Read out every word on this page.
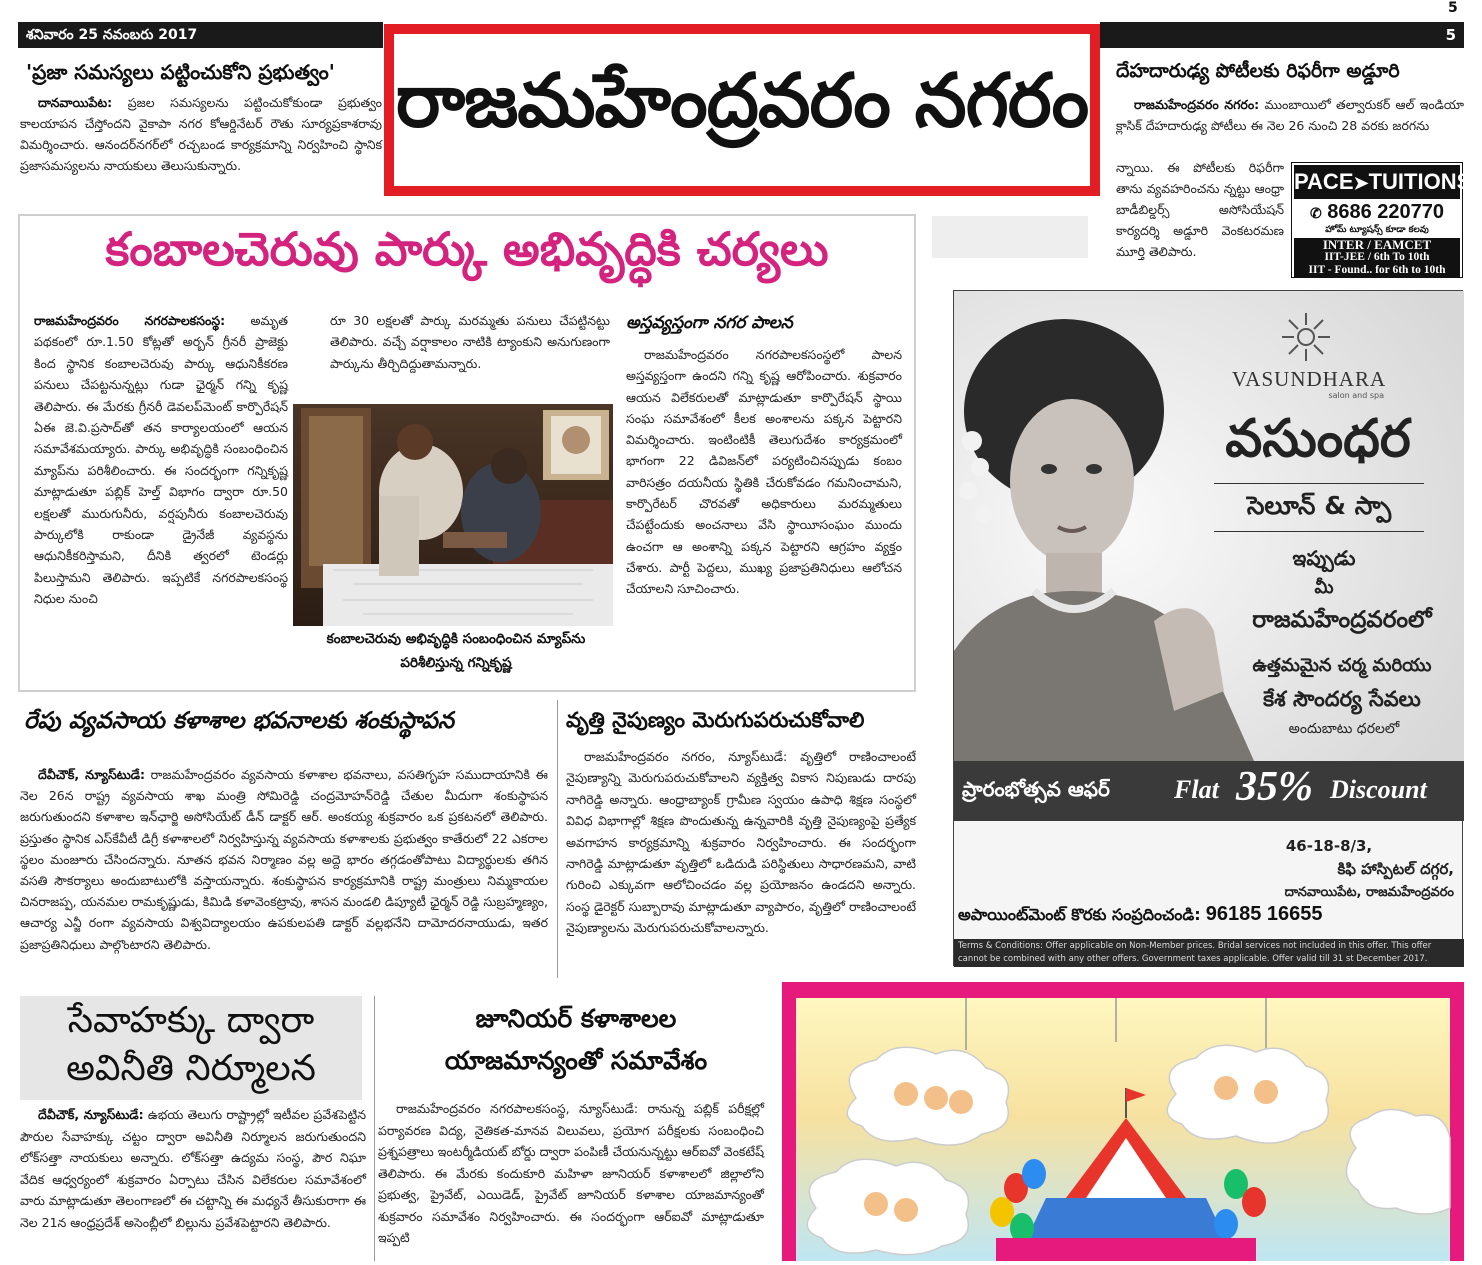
శనివారం 25 నవంబరు 2017	5
5
రాజమహేంద్రవరం నగరం
'ప్రజా సమస్యలు పట్టించుకోని ప్రభుత్వం'
దానవాయిపేట: ప్రజల సమస్యలను పట్టించుకోకుండా ప్రభుత్వం కాలయాపన చేస్తోందని వైకాపా నగర కోఆర్డినేటర్ రౌతు సూర్యప్రకాశరావు విమర్శించారు. ఆనందర్‌నగర్‌లో రచ్చబండ కార్యక్రమాన్ని నిర్వహించి స్థానిక ప్రజాసమస్యలను నాయకులు తెలుసుకున్నారు.
దేహదారుఢ్య పోటీలకు రిఫరీగా అడ్డూరి
రాజమహేంద్రవరం నగరం: ముంబాయిలో తల్వారుకర్ ఆల్ ఇండియా క్లాసిక్ దేహదారుఢ్య పోటీలు ఈ నెల 26 నుంచి 28 వరకు జరగను
న్నాయి. ఈ పోటీలకు రిఫరీగా తాను వ్యవహరించను న్నట్టు ఆంధ్రా బాడీబిల్డర్స్ అసోసియేషన్ కార్యదర్శి అడ్డూరి వెంకటరమణ మూర్తి తెలిపారు.
PACE➤TUITIONS
✆ 8686 220770
హోమ్ ట్యూషన్స్ కూడా కలవు
INTER / EAMCET
IIT-JEE / 6th To 10th
IIT - Found.. for 6th to 10th
కంబాలచెరువు పార్కు అభివృద్ధికి చర్యలు
రాజమహేంద్రవరం నగరపాలకసంస్థ: అమృత పథకంలో రూ.1.50 కోట్లతో అర్బన్ గ్రీనరీ ప్రాజెక్టు కింద స్థానిక కంబాలచెరువు పార్కు ఆధునికీకరణ పనులు చేపట్టనున్నట్లు గుడా ఛైర్మన్ గన్ని కృష్ణ తెలిపారు. ఈ మేరకు గ్రీనరీ డెవలప్‌మెంట్ కార్పొరేషన్ ఏఈ జె.వి.ప్రసాద్‌తో తన కార్యాలయంలో ఆయన సమావేశమయ్యారు. పార్కు అభివృద్ధికి సంబంధించిన మ్యాప్‌ను పరిశీలించారు. ఈ సందర్భంగా గన్నికృష్ణ మాట్లాడుతూ పబ్లిక్ హెల్త్ విభాగం ద్వారా రూ.50 లక్షలతో మురుగునీరు, వర్షపునీరు కంబాలచెరువు పార్కులోకి రాకుండా డ్రైనేజీ వ్యవస్థను ఆధునికీకరిస్తామని, దీనికి త్వరలో టెండర్లు పిలుస్తామని తెలిపారు. ఇప్పటికే నగరపాలకసంస్థ నిధుల నుంచి
రూ 30 లక్షలతో పార్కు మరమ్మతు పనులు చేపట్టినట్టు తెలిపారు. వచ్చే వర్షాకాలం నాటికి ట్యాంకుని అనుగుణంగా పార్కును తీర్చిదిద్దుతామన్నారు.
కంబాలచెరువు అభివృద్ధికి సంబంధించిన మ్యాప్‌ను
పరిశీలిస్తున్న గన్నికృష్ణ
అస్తవ్యస్తంగా నగర పాలన
రాజమహేంద్రవరం నగరపాలకసంస్థలో పాలన అస్తవ్యస్తంగా ఉందని గన్ని కృష్ణ ఆరోపించారు. శుక్రవారం ఆయన విలేకరులతో మాట్లాడుతూ కార్పొరేషన్ స్థాయి సంఘ సమావేశంలో కీలక అంశాలను పక్కన పెట్టారని విమర్శించారు. ఇంటింటికీ తెలుగుదేశం కార్యక్రమంలో భాగంగా 22 డివిజన్‌లో పర్యటించినప్పుడు కంబం వారిసత్రం దయనీయ స్థితికి చేరుకోవడం గమనించామని, కార్పొరేటర్ చొరవతో అధికారులు మరమ్మతులు చేపట్టేందుకు అంచనాలు వేసి స్థాయీసంఘం ముందు ఉంచగా ఆ అంశాన్ని పక్కన పెట్టారని ఆగ్రహం వ్యక్తం చేశారు. పార్టీ పెద్దలు, ముఖ్య ప్రజాప్రతినిధులు ఆలోచన చేయాలని సూచించారు.
రేపు వ్యవసాయ కళాశాల భవనాలకు శంకుస్థాపన
దేవీచౌక్, న్యూస్‌టుడే: రాజమహేంద్రవరం వ్యవసాయ కళాశాల భవనాలు, వసతిగృహ సముదాయానికి ఈ నెల 26న రాష్ట్ర వ్యవసాయ శాఖ మంత్రి సోమిరెడ్డి చంద్రమోహన్‌రెడ్డి చేతుల మీదుగా శంకుస్థాపన జరుగుతుందని కళాశాల ఇన్‌ఛార్జి అసోసియేట్ డీన్ డాక్టర్ ఆర్. అంకయ్య శుక్రవారం ఒక ప్రకటనలో తెలిపారు. ప్రస్తుతం స్థానిక ఎస్‌కేవీటీ డిగ్రీ కళాశాలలో నిర్వహిస్తున్న వ్యవసాయ కళాశాలకు ప్రభుత్వం కాతేరులో 22 ఎకరాల స్థలం మంజూరు చేసిందన్నారు. నూతన భవన నిర్మాణం వల్ల అద్దె భారం తగ్గడంతోపాటు విద్యార్థులకు తగిన వసతి సౌకర్యాలు అందుబాటులోకి వస్తాయన్నారు. శంకుస్థాపన కార్యక్రమానికి రాష్ట్ర మంత్రులు నిమ్మకాయల చినరాజప్ప, యనమల రామకృష్ణుడు, కిమిడి కళావెంకట్రావు, శాసన మండలి డిప్యూటీ ఛైర్మన్ రెడ్డి సుబ్రహ్మణ్యం, ఆచార్య ఎన్జీ రంగా వ్యవసాయ విశ్వవిద్యాలయం ఉపకులపతి డాక్టర్ వల్లభనేని దామోదరనాయుడు, ఇతర ప్రజాప్రతినిధులు పాల్గొంటారని తెలిపారు.
వృత్తి నైపుణ్యం మెరుగుపరుచుకోవాలి
రాజమహేంద్రవరం నగరం, న్యూస్‌టుడే: వృత్తిలో రాణించాలంటే నైపుణ్యాన్ని మెరుగుపరుచుకోవాలని వ్యక్తిత్వ వికాస నిపుణుడు దారపు నాగిరెడ్డి అన్నారు. ఆంధ్రాబ్యాంక్ గ్రామీణ స్వయం ఉపాధి శిక్షణ సంస్థలో వివిధ విభాగాల్లో శిక్షణ పొందుతున్న ఉన్నవారికి వృత్తి నైపుణ్యంపై ప్రత్యేక అవగాహన కార్యక్రమాన్ని శుక్రవారం నిర్వహించారు. ఈ సందర్భంగా నాగిరెడ్డి మాట్లాడుతూ వృత్తిలో ఒడిదుడి పరిస్థితులు సాధారణమని, వాటి గురించి ఎక్కువగా ఆలోచించడం వల్ల ప్రయోజనం ఉండదని అన్నారు. సంస్థ డైరెక్టర్ సుబ్బారావు మాట్లాడుతూ వ్యాపారం, వృత్తిలో రాణించాలంటే నైపుణ్యాలను మెరుగుపరుచుకోవాలన్నారు.
VASUNDHARA
salon and spa
వసుంధర
సెలూన్ & స్పా
ఇప్పుడు
మీ
రాజమహేంద్రవరంలో
ఉత్తమమైన చర్మ మరియు
కేశ సౌందర్య సేవలు
అందుబాటు ధరలలో
ప్రారంభోత్సవ ఆఫర్ Flat 35% Discount
46-18-8/3,
కిఫి హాస్పిటల్ దగ్గర,
దానవాయిపేట, రాజమహేంద్రవరం
అపాయింట్‌మెంట్ కొరకు సంప్రదించండి: 96185 16655
Terms & Conditions: Offer applicable on Non-Member prices. Bridal services not included in this offer. This offer cannot be combined with any other offers. Government taxes applicable. Offer valid till 31 st December 2017.
సేవాహక్కు ద్వారా
అవినీతి నిర్మూలన
దేవీచౌక్, న్యూస్‌టుడే: ఉభయ తెలుగు రాష్ట్రాల్లో ఇటీవల ప్రవేశపెట్టిన పౌరుల సేవాహక్కు చట్టం ద్వారా అవినీతి నిర్మూలన జరుగుతుందని లోక్‌సత్తా నాయకులు అన్నారు. లోక్‌సత్తా ఉద్యమ సంస్థ, పౌర నిఘా వేదిక ఆధ్వర్యంలో శుక్రవారం ఏర్పాటు చేసిన విలేకరుల సమావేశంలో వారు మాట్లాడుతూ తెలంగాణలో ఈ చట్టాన్ని ఈ మధ్యనే తీసుకురాగా ఈ నెల 21న ఆంధ్రప్రదేశ్ అసెంబ్లీలో బిల్లును ప్రవేశపెట్టారని తెలిపారు.
జూనియర్ కళాశాలల
యాజమాన్యంతో సమావేశం
రాజమహేంద్రవరం నగరపాలకసంస్థ, న్యూస్‌టుడే: రానున్న పబ్లిక్ పరీక్షల్లో పర్యావరణ విద్య, నైతికత-మానవ విలువలు, ప్రయోగ పరీక్షలకు సంబంధించి ప్రశ్నపత్రాలు ఇంటర్మీడియట్ బోర్డు ద్వారా పంపిణీ చేయనున్నట్టు ఆర్ఐవో వెంకటేష్ తెలిపారు. ఈ మేరకు కందుకూరి మహిళా జూనియర్ కళాశాలలో జిల్లాలోని ప్రభుత్వ, ప్రైవేట్, ఎయిడెడ్, ప్రైవేట్ జూనియర్ కళాశాల యాజమాన్యంతో శుక్రవారం సమావేశం నిర్వహించారు. ఈ సందర్భంగా ఆర్ఐవో మాట్లాడుతూ ఇప్పటి
